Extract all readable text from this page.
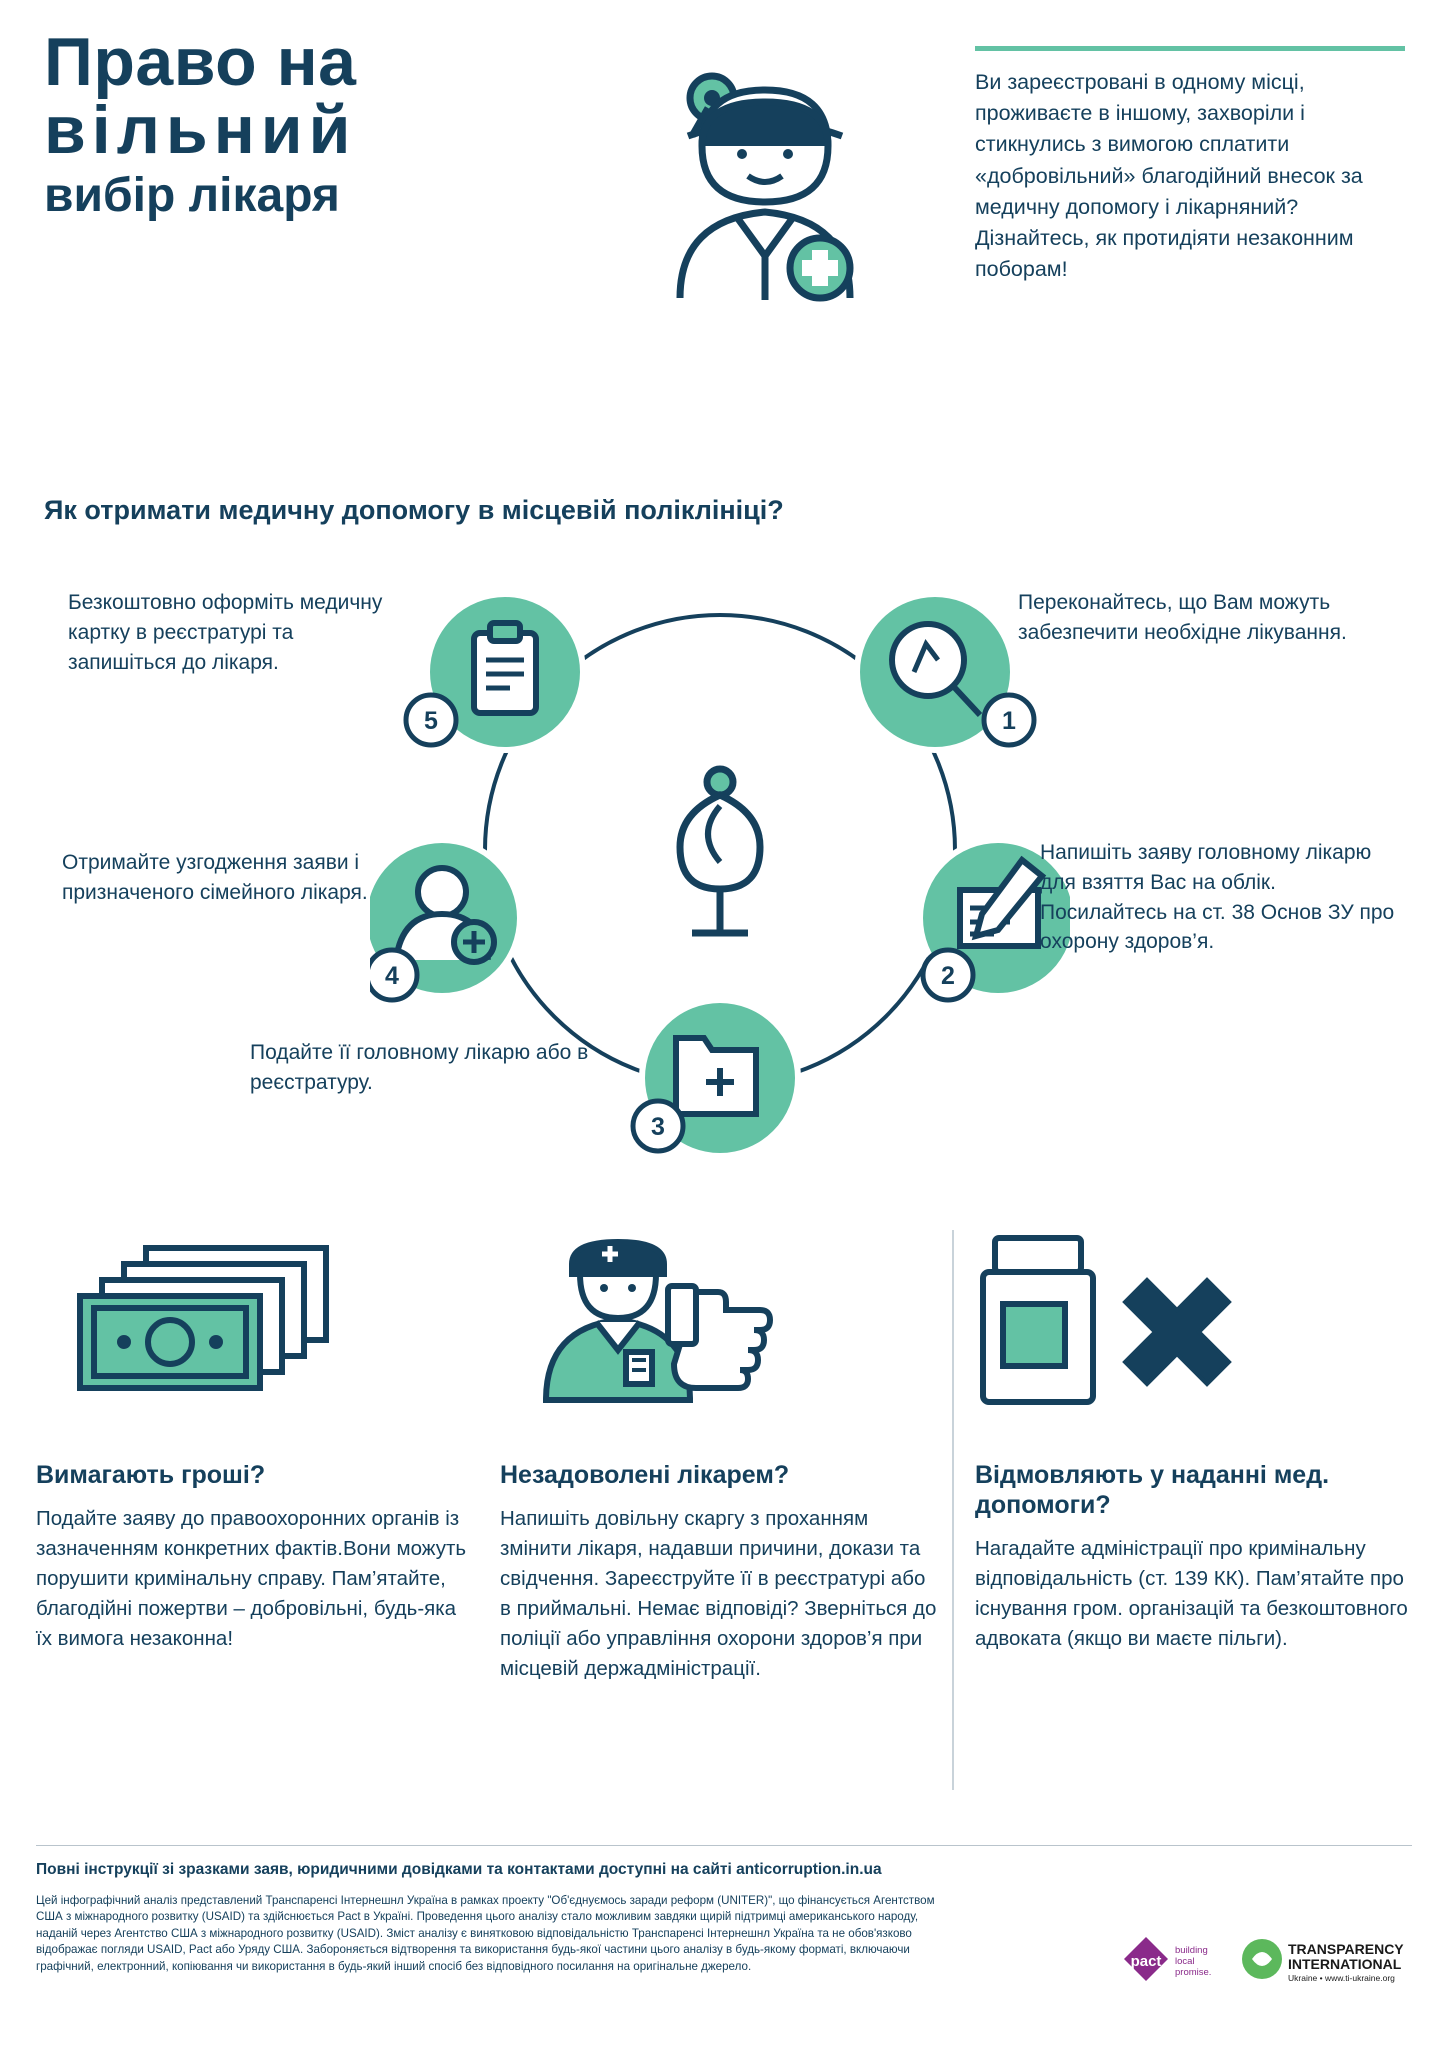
Право на
вільний
вибір лікаря
Ви зареєстровані в одному місці, проживаєте в іншому, захворіли і стикнулись з вимогою сплатити «добровільний» благодійний внесок за медичну допомогу і лікарняний? Дізнайтесь, як протидіяти незаконним поборам!
Як отримати медичну допомогу в місцевій поліклініці?
5	1
4	2
3
Безкоштовно оформіть медичну картку в реєстратурі та запишіться до лікаря.
Переконайтесь, що Вам можуть забезпечити необхідне лікування.
Отримайте узгодження заяви і призначеного сімейного лікаря.
Напишіть заяву головному лікарю для взяття Вас на облік. Посилайтесь на ст. 38 Основ ЗУ про охорону здоров’я.
Подайте її головному лікарю або в реєстратуру.
Вимагають гроші?
Подайте заяву до правоохоронних органів із зазначенням конкретних фактів.Вони можуть порушити кримінальну справу. Пам’ятайте, благодійні пожертви – добровільні, будь-яка їх вимога незаконна!
Незадоволені лікарем?
Напишіть довільну скаргу з проханням змінити лікаря, надавши причини, докази та свідчення. Зареєструйте її в реєстратурі або в приймальні. Немає відповіді? Зверніться до поліції або управління охорони здоров’я при місцевій держадміністрації.
Відмовляють у наданні мед. допомоги?
Нагадайте адміністрації про кримінальну відповідальність (ст. 139 КК). Пам’ятайте про існування гром. організацій та безкоштовного адвоката (якщо ви маєте пільги).
Повні інструкції зі зразками заяв, юридичними довідками та контактами доступні на сайті anticorruption.in.ua
Цей інфографічний аналіз представлений Транспаренсі Інтернешнл Україна в рамках проекту "Об'єднуємось заради реформ (UNITER)", що фінансується Агентством США з міжнародного розвитку (USAID) та здійснюється Pact в Україні. Проведення цього аналізу стало можливим завдяки щирій підтримці американського народу, наданій через Агентство США з міжнародного розвитку (USAID). Зміст аналізу є винятковою відповідальністю Транспаренсі Інтернешнл Україна та не обов'язково відображає погляди USAID, Pact або Уряду США. Забороняється відтворення та використання будь-якої частини цього аналізу в будь-якому форматі, включаючи графічний, електронний, копіювання чи використання в будь-який інший спосіб без відповідного посилання на оригінальне джерело.	pact
building
local
promise.
TRANSPARENCY
INTERNATIONAL
Ukraine • www.ti-ukraine.org
